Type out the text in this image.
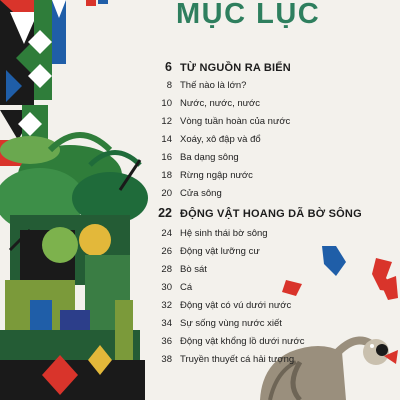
MỤC LỤC
6 TỪ NGUỒN RA BIỂN
8 Thế nào là lớn?
10 Nước, nước, nước
12 Vòng tuần hoàn của nước
14 Xoáy, xô đập và đổ
16 Ba dạng sông
18 Rừng ngập nước
20 Cửa sông
22 ĐỘNG VẬT HOANG DÃ BỜ SÔNG
24 Hệ sinh thái bờ sông
26 Động vật lưỡng cư
28 Bò sát
30 Cá
32 Động vật có vú dưới nước
34 Sự sống vùng nước xiết
36 Động vật khổng lồ dưới nước
38 Truyền thuyết cá hải tượng
